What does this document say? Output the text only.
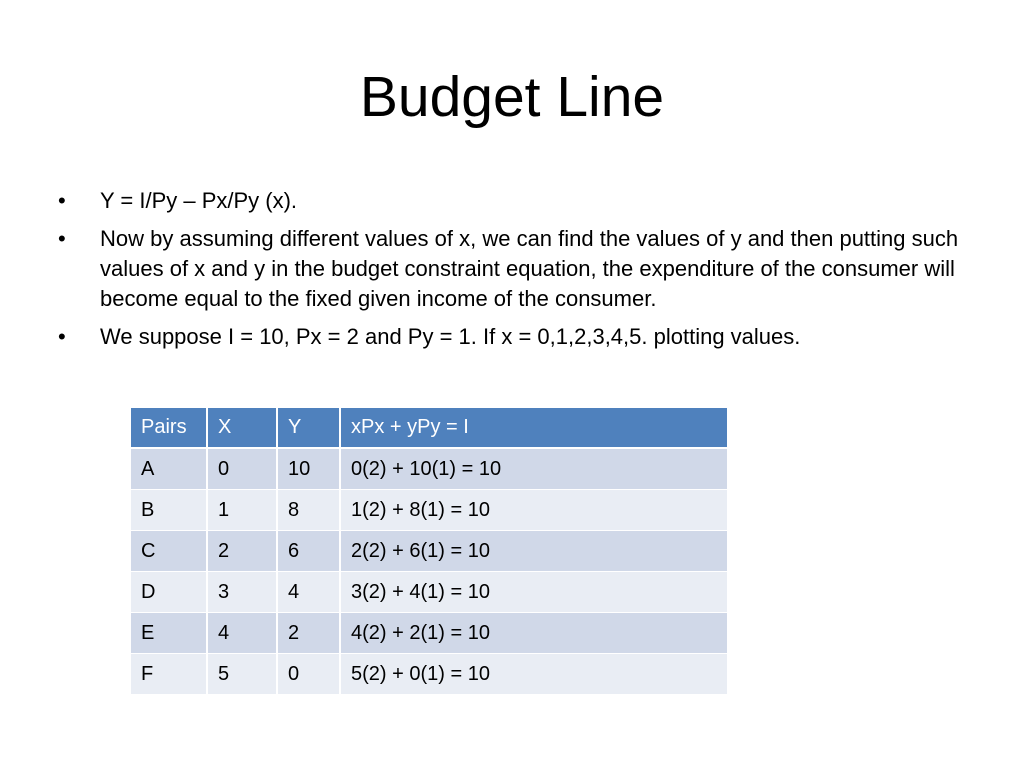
Budget Line
•	Y = I/Py – Px/Py (x).
•	Now by assuming different values of x, we can find the values of y and then putting such values of x and y in the budget constraint equation, the expenditure of the consumer will become equal to the fixed given income of the consumer.
•	We suppose I = 10, Px = 2 and Py = 1. If x = 0,1,2,3,4,5. plotting values.
Pairs	X	Y	xPx + yPy = I
A	0	10	0(2) + 10(1) = 10
B	1	8	1(2) + 8(1) = 10
C	2	6	2(2) + 6(1) = 10
D	3	4	3(2) + 4(1) = 10
E	4	2	4(2) + 2(1) = 10
F	5	0	5(2) + 0(1) = 10
